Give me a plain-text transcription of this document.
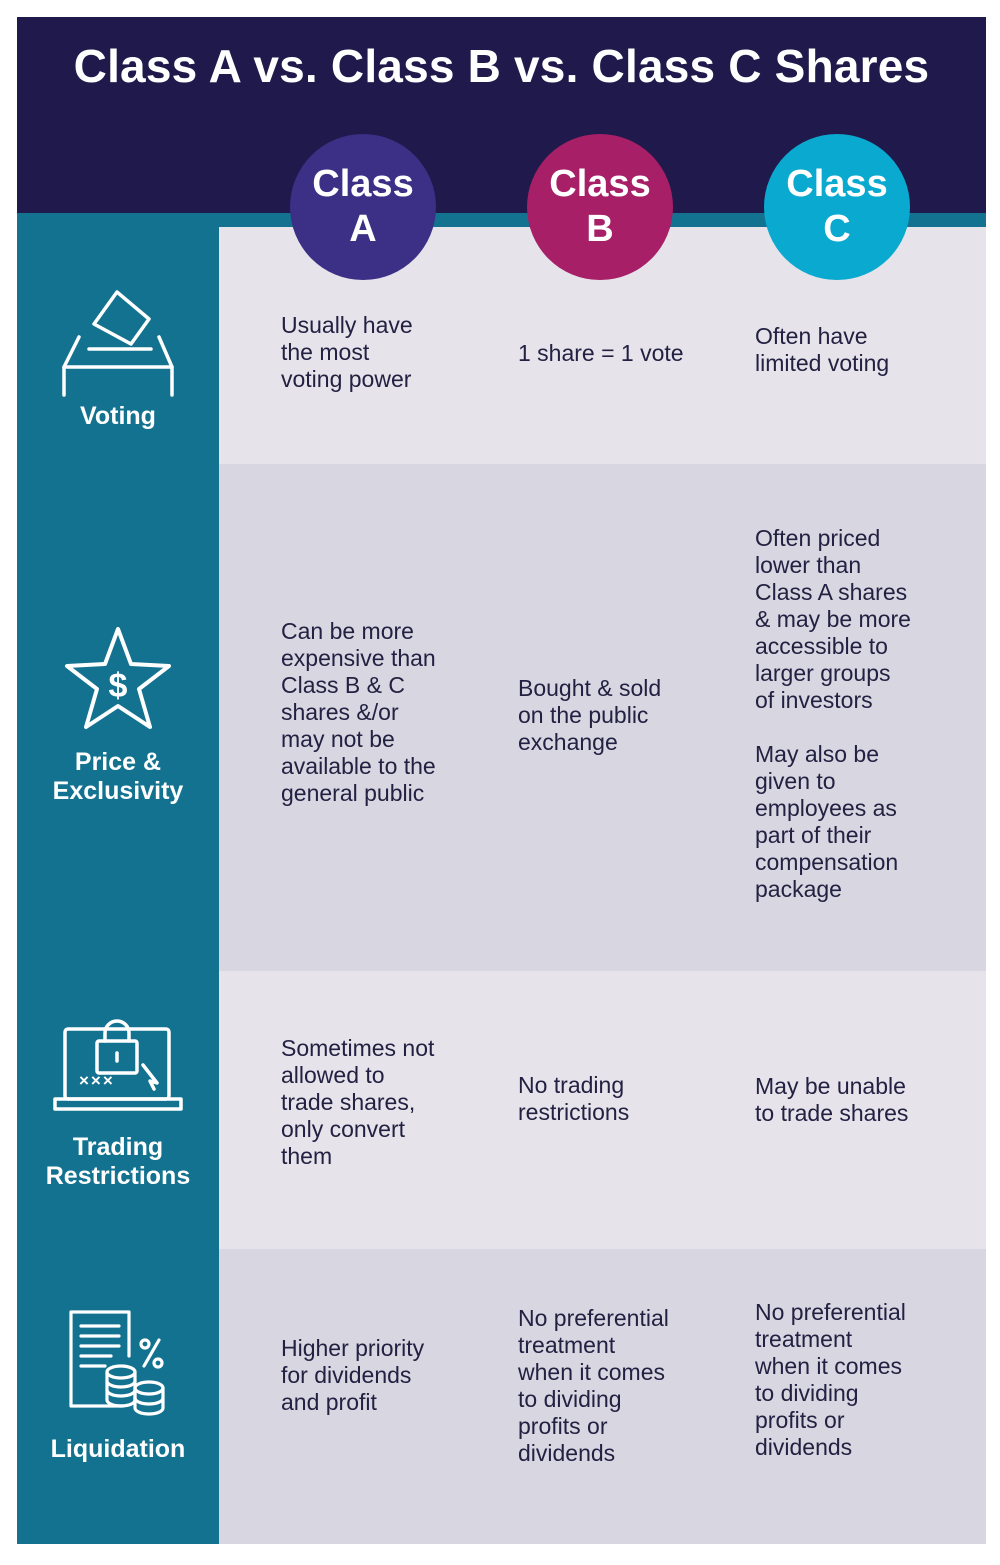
Class A vs. Class B vs. Class C Shares
Class
A
Class
B
Class
C
Voting
Usually have
the most
voting power
1 share = 1 vote
Often have
limited voting
$
Price &
Exclusivity
Can be more
expensive than
Class B & C
shares &/or
may not be
available to the
general public
Bought & sold
on the public
exchange
Often priced
lower than
Class A shares
& may be more
accessible to
larger groups
of investors

May also be
given to
employees as
part of their
compensation
package
×××
Trading
Restrictions
Sometimes not
allowed to
trade shares,
only convert
them
No trading
restrictions
May be unable
to trade shares
Liquidation
Higher priority
for dividends
and profit
No preferential
treatment
when it comes
to dividing
profits or
dividends
No preferential
treatment
when it comes
to dividing
profits or
dividends
